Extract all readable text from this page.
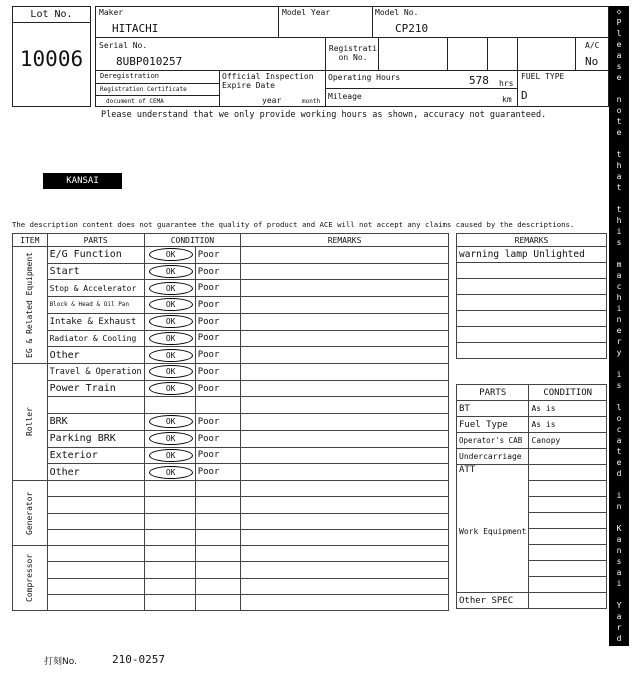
Lot No.
10006
Maker
HITACHI
Model Year	Model No.
CP210
Serial No.
8UBP010257
Registrati on No.
A/C
No
Deregistration
Registration Certificate
document of CEMA
Official Inspection Expire Date
year	month
Operating Hours	578 hrs
Mileage	km
FUEL TYPE
D
Please understand that we only provide working hours as shown, accuracy not guaranteed.
KANSAI
The description content does not guarantee the quality of product and ACE will not accept any claims caused by the descriptions.
ITEM	PARTS	CONDITION		REMARKS

EG & Related Equipment	E/G Function	OK	Poor	
	Start	OK	Poor	
	Stop & Accelerator	OK	Poor	
	Block & Head & Oil Pan	OK	Poor	
	Intake & Exhaust	OK	Poor	
	Radiator & Cooling	OK	Poor	
	Other	OK	Poor	

Roller	Travel & Operation	OK	Poor	
	Power Train	OK	Poor	

	BRK	OK	Poor	
	Parking BRK	OK	Poor	
	Exterior	OK	Poor	
	Other	OK	Poor	

Generator				

Compressor				

REMARKS
warning lamp Unlighted

PARTS	CONDITION
BT	As is
Fuel Type	As is
Operator's CAB	Canopy
Undercarriage	

ATT
Work Equipment	

Other SPEC	
打刻No.	210-0257
◇
P
l
e
a
s
e

n
o
t
e

t
h
a
t

t
h
i
s

m
a
c
h
i
n
e
r
y

i
s

l
o
c
a
t
e
d

i
n

K
a
n
s
a
i

Y
a
r
d
◇
